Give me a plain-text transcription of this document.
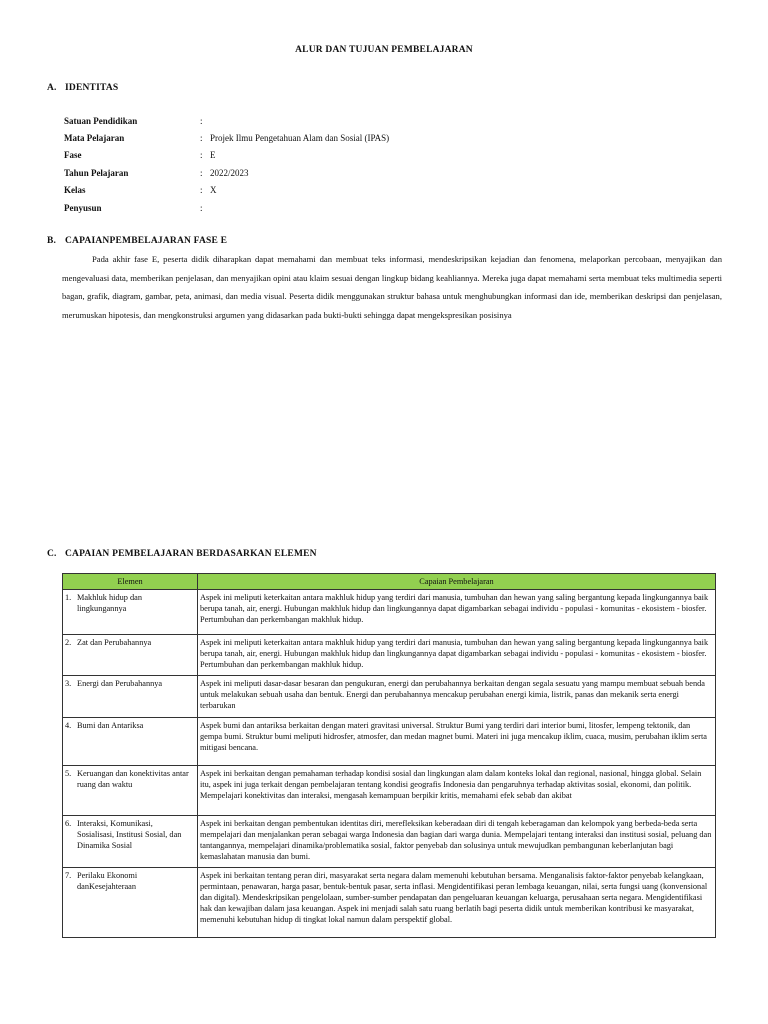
ALUR DAN TUJUAN PEMBELAJARAN
A. IDENTITAS
Satuan Pendidikan	:
Mata Pelajaran	: Projek Ilmu Pengetahuan Alam dan Sosial (IPAS)
Fase	: E
Tahun Pelajaran	: 2022/2023
Kelas	: X
Penyusun	:
B. CAPAIANPEMBELAJARAN FASE E
Pada akhir fase E, peserta didik diharapkan dapat memahami dan membuat teks informasi, mendeskripsikan kejadian dan fenomena, melaporkan percobaan, menyajikan dan mengevaluasi data, memberikan penjelasan, dan menyajikan opini atau klaim sesuai dengan lingkup bidang keahliannya. Mereka juga dapat memahami serta membuat teks multimedia seperti bagan, grafik, diagram, gambar, peta, animasi, dan media visual. Peserta didik menggunakan struktur bahasa untuk menghubungkan informasi dan ide, memberikan deskripsi dan penjelasan, merumuskan hipotesis, dan mengkonstruksi argumen yang didasarkan pada bukti-bukti sehingga dapat mengekspresikan posisinya
C. CAPAIAN PEMBELAJARAN BERDASARKAN ELEMEN
Elemen	Capaian Pembelajaran
1. Makhluk hidup dan lingkungannya	Aspek ini meliputi keterkaitan antara makhluk hidup yang terdiri dari manusia, tumbuhan dan hewan yang saling bergantung kepada lingkungannya baik berupa tanah, air, energi. Hubungan makhluk hidup dan lingkungannya dapat digambarkan sebagai individu - populasi - komunitas - ekosistem - biosfer. Pertumbuhan dan perkembangan makhluk hidup.
2. Zat dan Perubahannya	Aspek ini meliputi keterkaitan antara makhluk hidup yang terdiri dari manusia, tumbuhan dan hewan yang saling bergantung kepada lingkungannya baik berupa tanah, air, energi. Hubungan makhluk hidup dan lingkungannya dapat digambarkan sebagai individu - populasi - komunitas - ekosistem - biosfer. Pertumbuhan dan perkembangan makhluk hidup.
3. Energi dan Perubahannya	Aspek ini meliputi dasar-dasar besaran dan pengukuran, energi dan perubahannya berkaitan dengan segala sesuatu yang mampu membuat sebuah benda untuk melakukan sebuah usaha dan bentuk. Energi dan perubahannya mencakup perubahan energi kimia, listrik, panas dan mekanik serta energi terbarukan
4. Bumi dan Antariksa	Aspek bumi dan antariksa berkaitan dengan materi gravitasi universal. Struktur Bumi yang terdiri dari interior bumi, litosfer, lempeng tektonik, dan gempa bumi. Struktur bumi meliputi hidrosfer, atmosfer, dan medan magnet bumi. Materi ini juga mencakup iklim, cuaca, musim, perubahan iklim serta mitigasi bencana.
5. Keruangan dan konektivitas antar ruang dan waktu	Aspek ini berkaitan dengan pemahaman terhadap kondisi sosial dan lingkungan alam dalam konteks lokal dan regional, nasional, hingga global. Selain itu, aspek ini juga terkait dengan pembelajaran tentang kondisi geografis Indonesia dan pengaruhnya terhadap aktivitas sosial, ekonomi, dan politik. Mempelajari konektivitas dan interaksi, mengasah kemampuan berpikir kritis, memahami efek sebab dan akibat
6. Interaksi, Komunikasi, Sosialisasi, Institusi Sosial, dan Dinamika Sosial	Aspek ini berkaitan dengan pembentukan identitas diri, merefleksikan keberadaan diri di tengah keberagaman dan kelompok yang berbeda-beda serta mempelajari dan menjalankan peran sebagai warga Indonesia dan bagian dari warga dunia. Mempelajari tentang interaksi dan institusi sosial, peluang dan tantangannya, mempelajari dinamika/problematika sosial, faktor penyebab dan solusinya untuk mewujudkan pembangunan keberlanjutan bagi kemaslahatan manusia dan bumi.
7. Perilaku Ekonomi danKesejahteraan	Aspek ini berkaitan tentang peran diri, masyarakat serta negara dalam memenuhi kebutuhan bersama. Menganalisis faktor-faktor penyebab kelangkaan, permintaan, penawaran, harga pasar, bentuk-bentuk pasar, serta inflasi. Mengidentifikasi peran lembaga keuangan, nilai, serta fungsi uang (konvensional dan digital). Mendeskripsikan pengelolaan, sumber-sumber pendapatan dan pengeluaran keuangan keluarga, perusahaan serta negara. Mengidentifikasi hak dan kewajiban dalam jasa keuangan. Aspek ini menjadi salah satu ruang berlatih bagi peserta didik untuk memberikan kontribusi ke masyarakat, memenuhi kebutuhan hidup di tingkat lokal namun dalam perspektif global.
